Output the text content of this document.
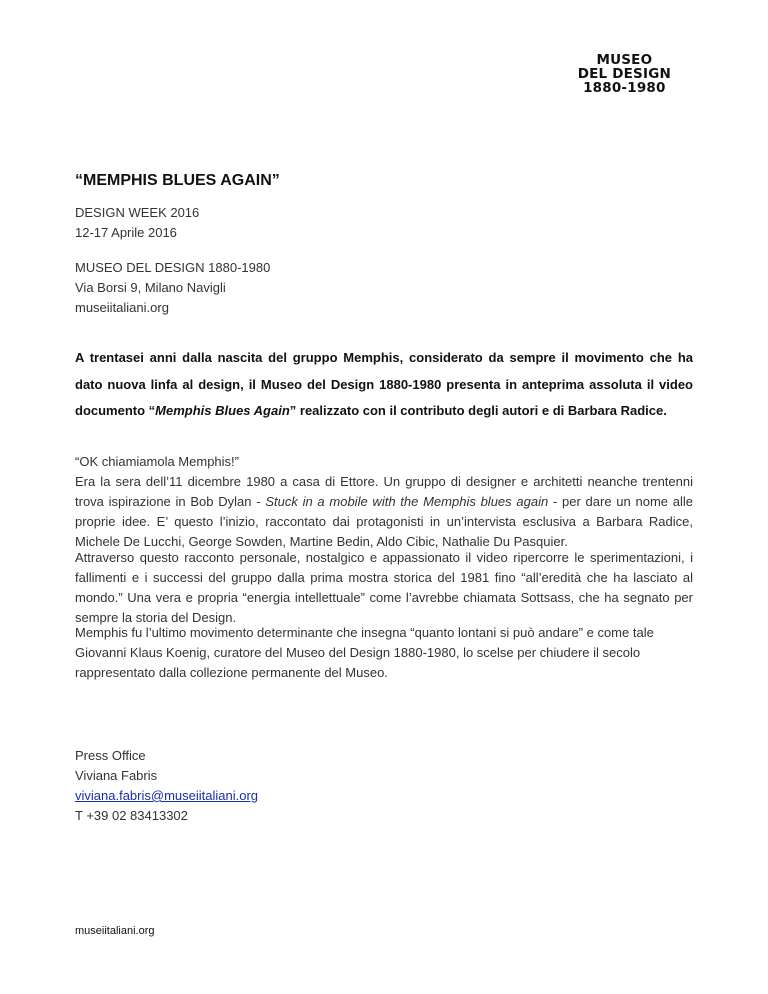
MUSEO
DEL DESIGN
1880-1980
“MEMPHIS BLUES AGAIN”
DESIGN WEEK 2016
12-17 Aprile 2016
MUSEO DEL DESIGN 1880-1980
Via Borsi 9, Milano Navigli
museiitaliani.org

A trentasei anni dalla nascita del gruppo Memphis, considerato da sempre il movimento che ha dato nuova linfa al design, il Museo del Design 1880-1980 presenta in anteprima assoluta il video documento “Memphis Blues Again” realizzato con il contributo degli autori e di Barbara Radice.

“OK chiamiamola Memphis!”
Era la sera dell’11 dicembre 1980 a casa di Ettore. Un gruppo di designer e architetti neanche trentenni trova ispirazione in Bob Dylan - Stuck in a mobile with the Memphis blues again - per dare un nome alle proprie idee. E’ questo l’inizio, raccontato dai protagonisti in un’intervista esclusiva a Barbara Radice, Michele De Lucchi, George Sowden, Martine Bedin, Aldo Cibic, Nathalie Du Pasquier.

Attraverso questo racconto personale, nostalgico e appassionato il video ripercorre le sperimentazioni, i fallimenti e i successi del gruppo dalla prima mostra storica del 1981 fino “all’eredità che ha lasciato al mondo.” Una vera e propria “energia intellettuale” come l’avrebbe chiamata Sottsass, che ha segnato per sempre la storia del Design.

Memphis fu l’ultimo movimento determinante che insegna “quanto lontani si può andare” e come tale Giovanni Klaus Koenig, curatore del Museo del Design 1880-1980, lo scelse per chiudere il secolo rappresentato dalla collezione permanente del Museo.

Press Office
Viviana Fabris
viviana.fabris@museiitaliani.org
T +39 02 83413302
museiitaliani.org
